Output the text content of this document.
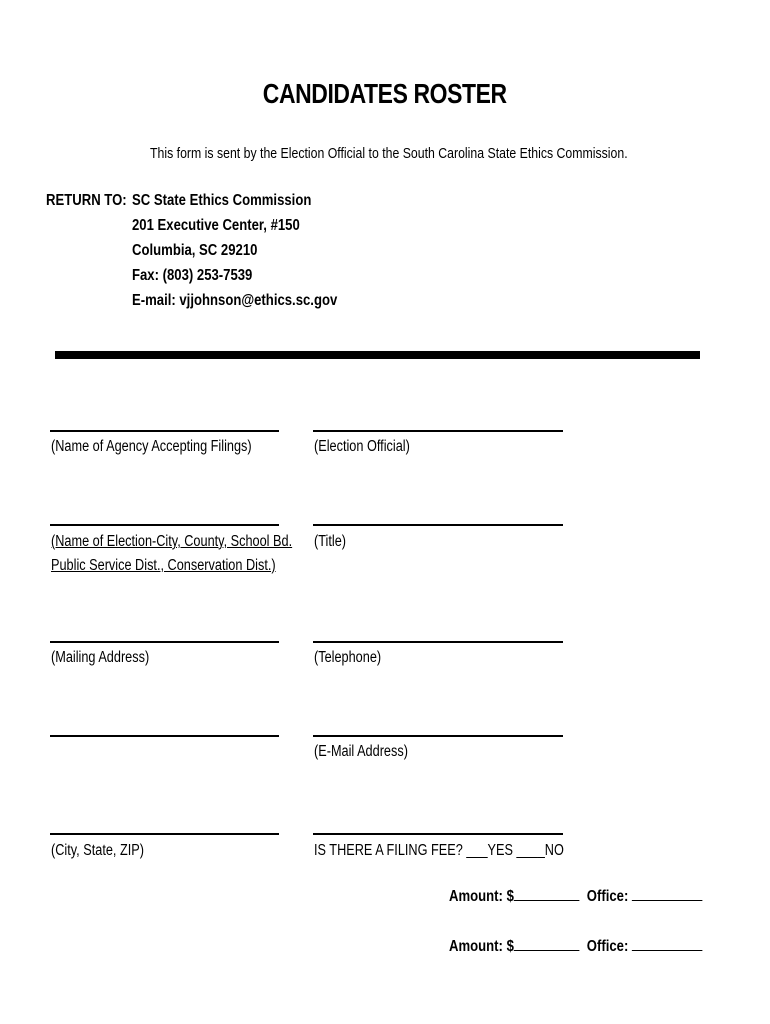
CANDIDATES ROSTER
This form is sent by the Election Official to the South Carolina State Ethics Commission.
RETURN TO: SC State Ethics Commission
201 Executive Center, #150
Columbia, SC 29210
Fax: (803) 253-7539
E-mail: vjjohnson@ethics.sc.gov
(Name of Agency Accepting Filings)	(Election Official)
(Name of Election-City, County, School Bd.
Public Service Dist., Conservation Dist.)
(Title)
(Mailing Address)	(Telephone)
(E-Mail Address)
(City, State, ZIP)	IS THERE A FILING FEE? ___YES ____NO
Amount: $	Office:
Amount: $	Office:
